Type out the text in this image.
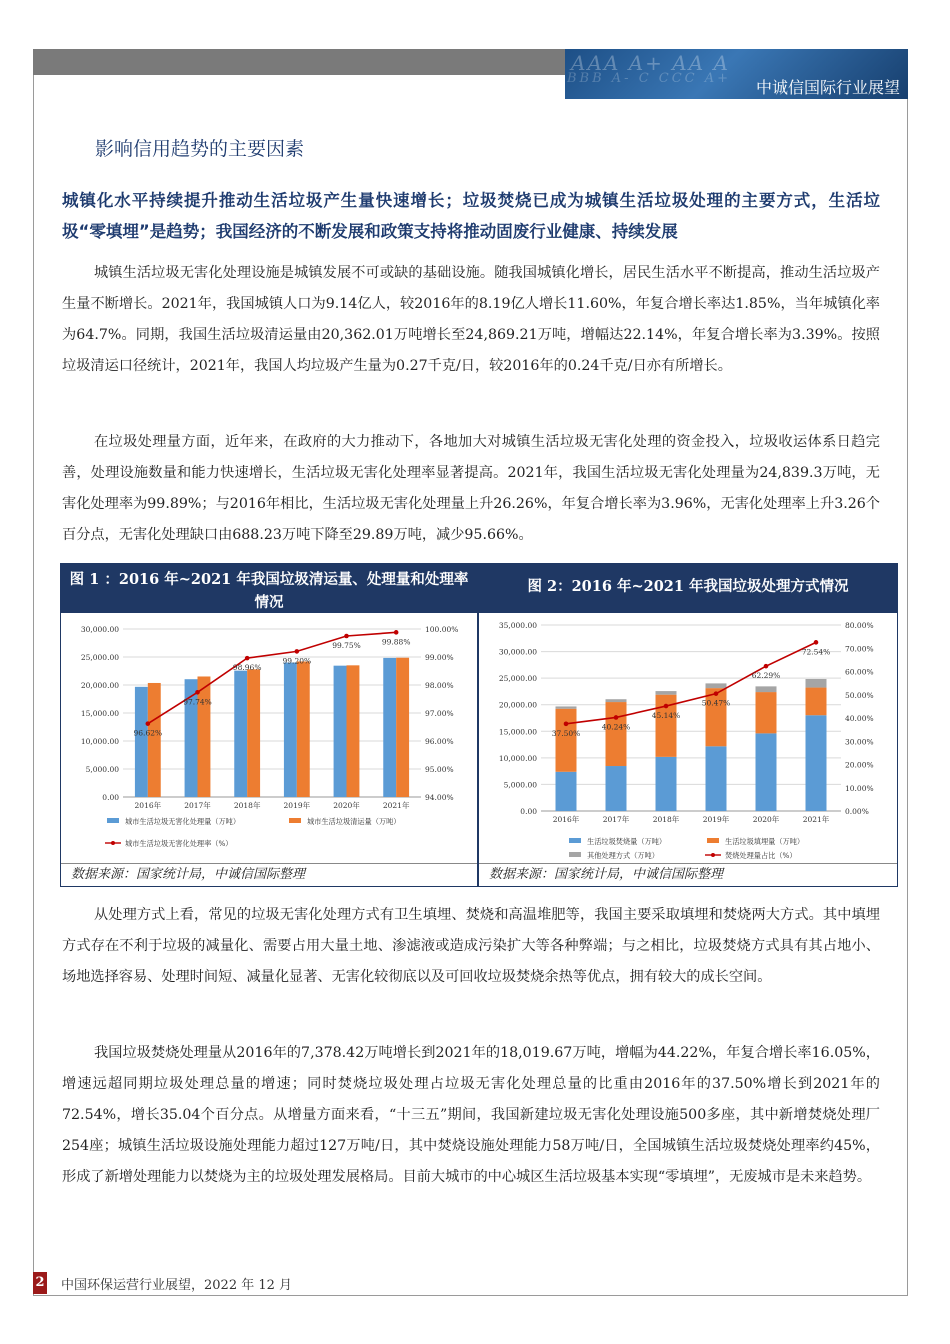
AAA A+ AA A
BBB A- C CCC A+ 中诚信国际行业展望
影响信用趋势的主要因素
城镇化水平持续提升推动生活垃圾产生量快速增长；垃圾焚烧已成为城镇生活垃圾处理的主要方式，生活垃圾“零填埋”是趋势；我国经济的不断发展和政策支持将推动固废行业健康、持续发展
城镇生活垃圾无害化处理设施是城镇发展不可或缺的基础设施。随我国城镇化增长，居民生活水平不断提高，推动生活垃圾产生量不断增长。2021年，我国城镇人口为9.14亿人，较2016年的8.19亿人增长11.60%，年复合增长率达1.85%，当年城镇化率为64.7%。同期，我国生活垃圾清运量由20,362.01万吨增长至24,869.21万吨，增幅达22.14%，年复合增长率为3.39%。按照垃圾清运口径统计，2021年，我国人均垃圾产生量为0.27千克/日，较2016年的0.24千克/日亦有所增长。
在垃圾处理量方面，近年来，在政府的大力推动下，各地加大对城镇生活垃圾无害化处理的资金投入，垃圾收运体系日趋完善，处理设施数量和能力快速增长，生活垃圾无害化处理率显著提高。2021年，我国生活垃圾无害化处理量为24,839.3万吨，无害化处理率为99.89%；与2016年相比，生活垃圾无害化处理量上升26.26%，年复合增长率为3.96%，无害化处理率上升3.26个百分点，无害化处理缺口由688.23万吨下降至29.89万吨，减少95.66%。
图 1 ：2016 年~2021 年我国垃圾清运量、处理量和处理率情况
0.00
5,000.00
10,000.00
15,000.00
20,000.00
25,000.00
30,000.00
94.00%
95.00%
96.00%
97.00%
98.00%
99.00%
100.00%
2016年	2017年	2018年	2019年	2020年	2021年
96.62%
97.74%
98.96%
99.20%
99.75%	99.88%
城市生活垃圾无害化处理量（万吨）	城市生活垃圾清运量（万吨）
城市生活垃圾无害化处理率（%）
数据来源：国家统计局，中诚信国际整理
图 2：2016 年~2021 年我国垃圾处理方式情况
0.00
5,000.00
10,000.00
15,000.00
20,000.00
25,000.00
30,000.00
35,000.00
0.00%
10.00%
20.00%
30.00%
40.00%
50.00%
60.00%
70.00%
80.00%
2016年	2017年	2018年	2019年	2020年	2021年
37.50%
40.24%
45.14%
50.47%
62.29%
72.54%
生活垃圾焚烧量（万吨）	生活垃圾填埋量（万吨）
其他处理方式（万吨）	焚烧处理量占比（%）
数据来源：国家统计局，中诚信国际整理
从处理方式上看，常见的垃圾无害化处理方式有卫生填埋、焚烧和高温堆肥等，我国主要采取填埋和焚烧两大方式。其中填埋方式存在不利于垃圾的减量化、需要占用大量土地、渗滤液或造成污染扩大等各种弊端；与之相比，垃圾焚烧方式具有其占地小、场地选择容易、处理时间短、减量化显著、无害化较彻底以及可回收垃圾焚烧余热等优点，拥有较大的成长空间。
我国垃圾焚烧处理量从2016年的7,378.42万吨增长到2021年的18,019.67万吨，增幅为44.22%，年复合增长率16.05%，增速远超同期垃圾处理总量的增速；同时焚烧垃圾处理占垃圾无害化处理总量的比重由2016年的37.50%增长到2021年的72.54%，增长35.04个百分点。从增量方面来看，“十三五”期间，我国新建垃圾无害化处理设施500多座，其中新增焚烧处理厂254座；城镇生活垃圾设施处理能力超过127万吨/日，其中焚烧设施处理能力58万吨/日，全国城镇生活垃圾焚烧处理率约45%，形成了新增处理能力以焚烧为主的垃圾处理发展格局。目前大城市的中心城区生活垃圾基本实现“零填埋”，无废城市是未来趋势。
2 中国环保运营行业展望，2022 年 12 月
